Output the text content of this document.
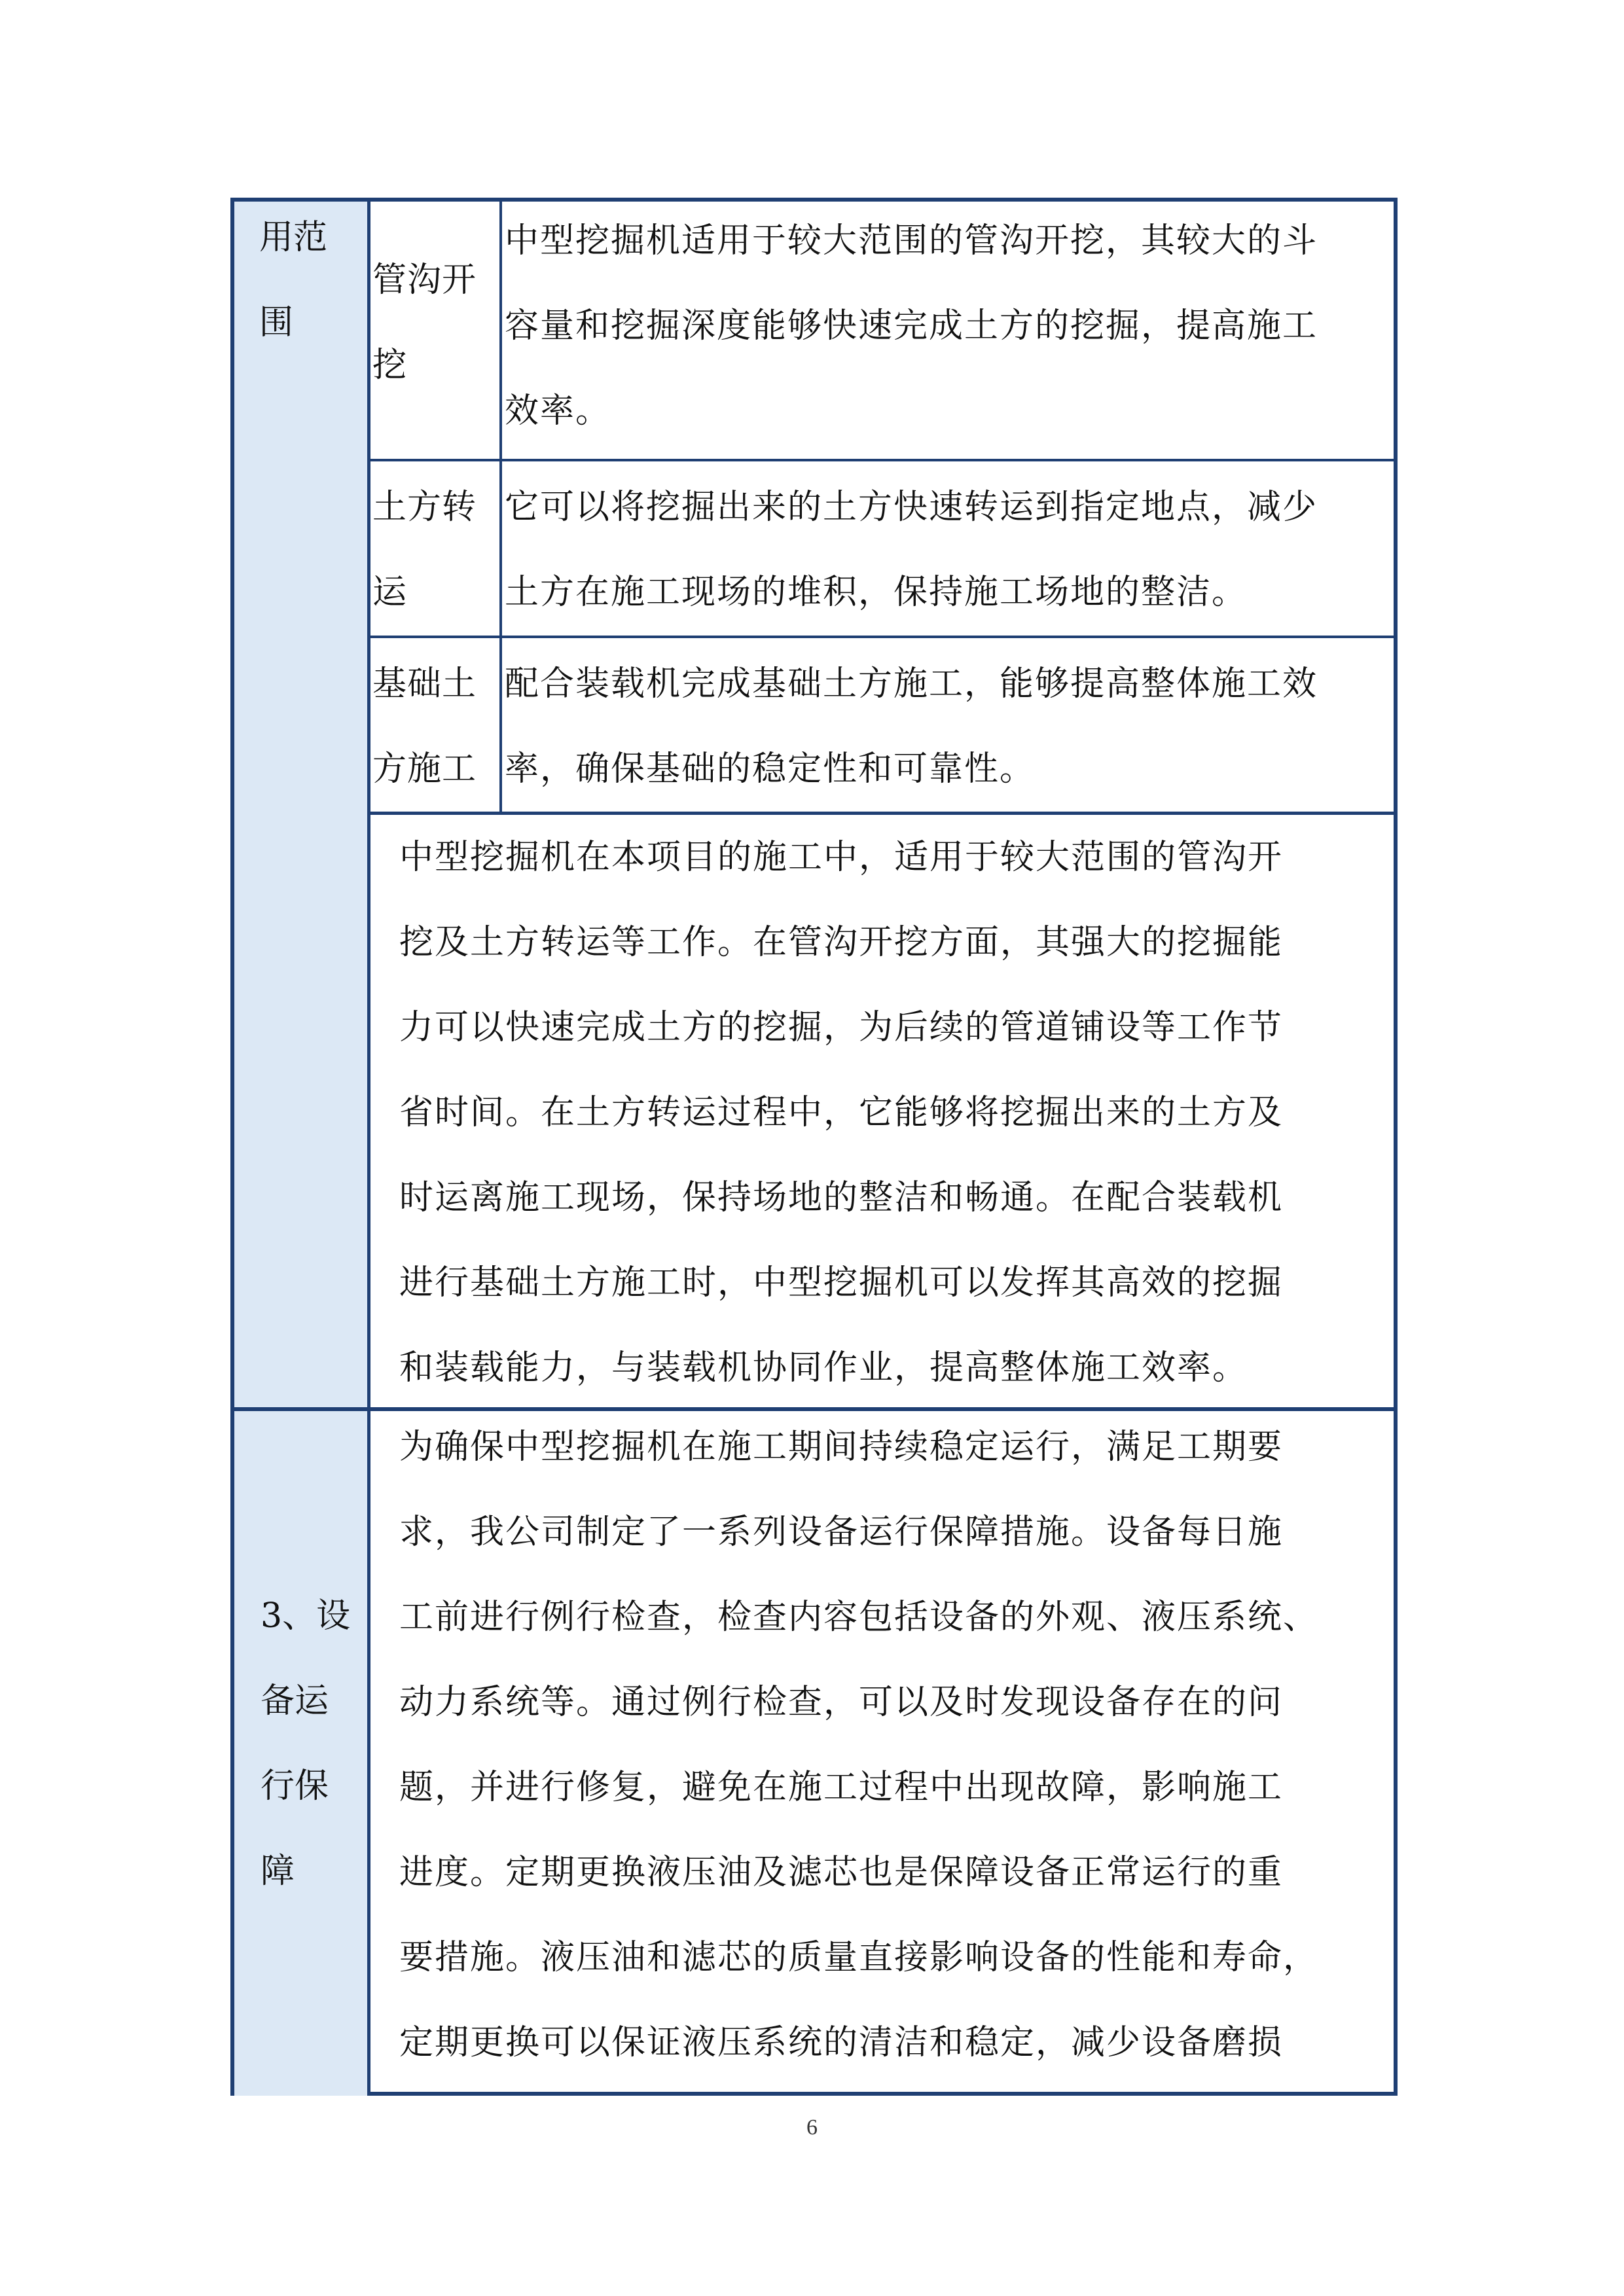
用范
围
3、设
备运
行保
障
管沟开
挖
中型挖掘机适用于较大范围的管沟开挖，其较大的斗
容量和挖掘深度能够快速完成土方的挖掘，提高施工
效率。
土方转
运
它可以将挖掘出来的土方快速转运到指定地点，减少
土方在施工现场的堆积，保持施工场地的整洁。
基础土
方施工
配合装载机完成基础土方施工，能够提高整体施工效
率，确保基础的稳定性和可靠性。
中型挖掘机在本项目的施工中，适用于较大范围的管沟开
挖及土方转运等工作。在管沟开挖方面，其强大的挖掘能
力可以快速完成土方的挖掘，为后续的管道铺设等工作节
省时间。在土方转运过程中，它能够将挖掘出来的土方及
时运离施工现场，保持场地的整洁和畅通。在配合装载机
进行基础土方施工时，中型挖掘机可以发挥其高效的挖掘
和装载能力，与装载机协同作业，提高整体施工效率。
为确保中型挖掘机在施工期间持续稳定运行，满足工期要
求，我公司制定了一系列设备运行保障措施。设备每日施
工前进行例行检查，检查内容包括设备的外观、液压系统、
动力系统等。通过例行检查，可以及时发现设备存在的问
题，并进行修复，避免在施工过程中出现故障，影响施工
进度。定期更换液压油及滤芯也是保障设备正常运行的重
要措施。液压油和滤芯的质量直接影响设备的性能和寿命，
定期更换可以保证液压系统的清洁和稳定，减少设备磨损
6
